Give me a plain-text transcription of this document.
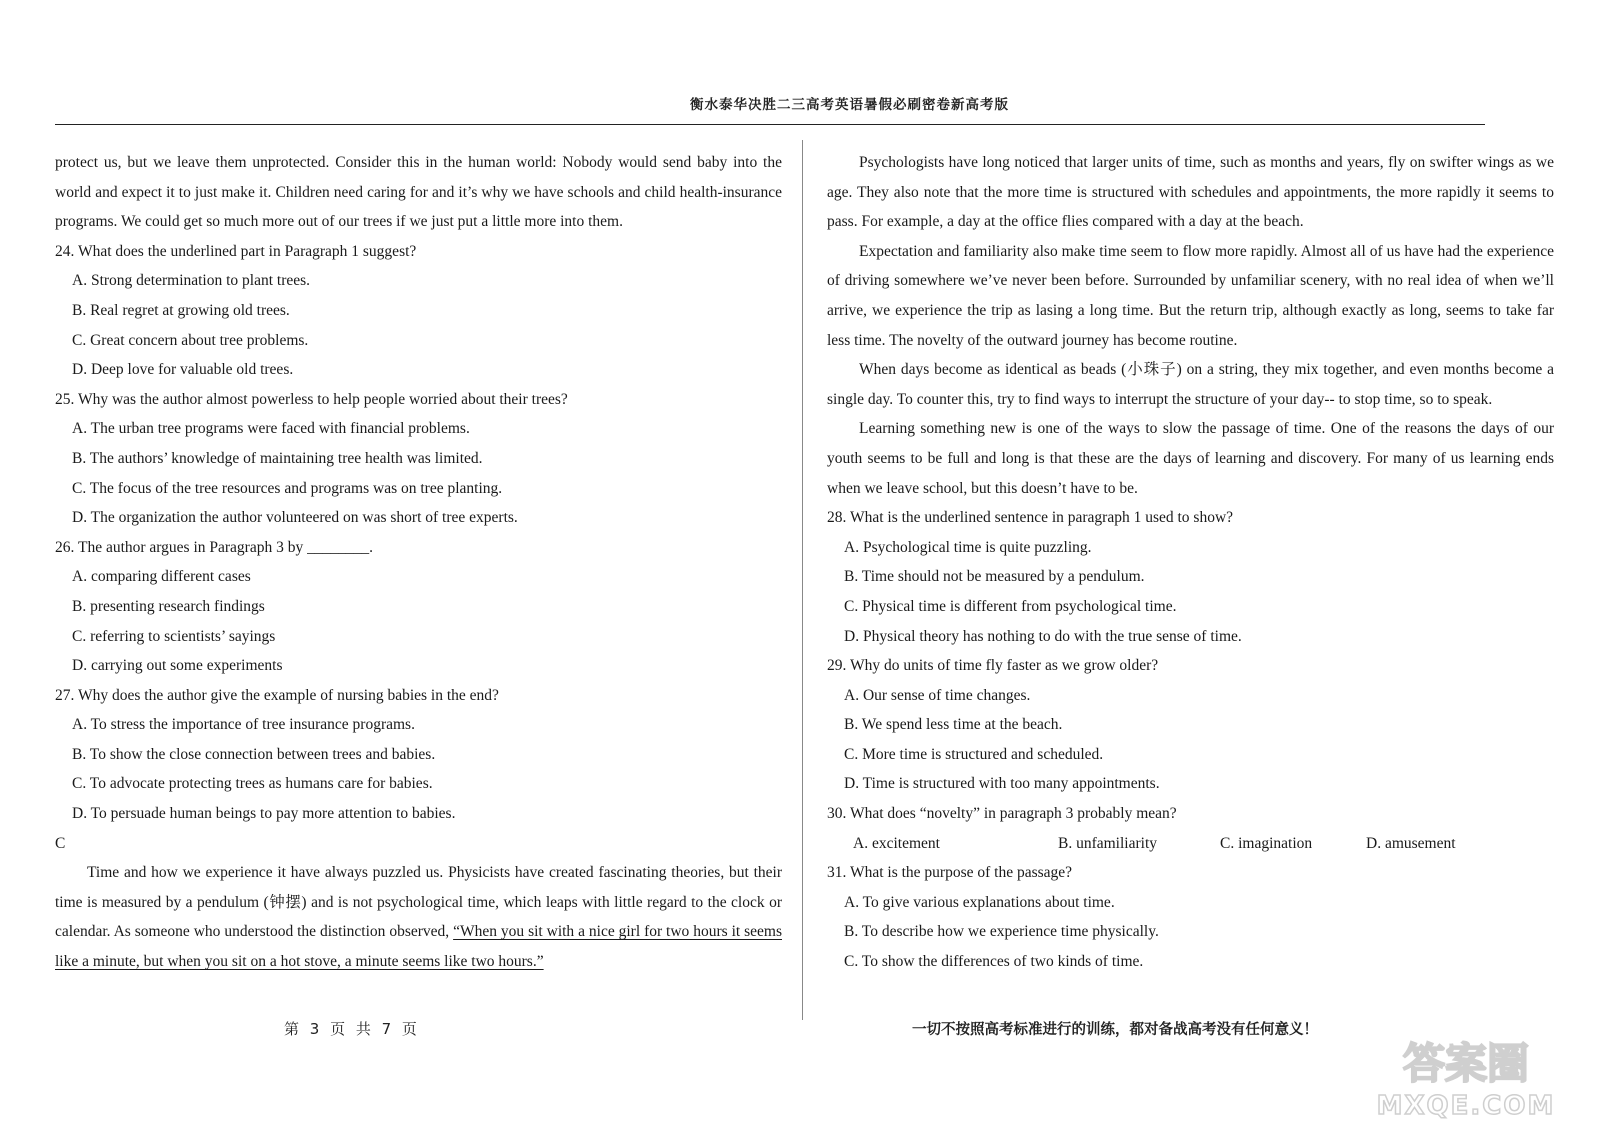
衡水泰华决胜二三高考英语暑假必刷密卷新高考版

protect us, but we leave them unprotected. Consider this in the human world: Nobody would send baby into the world and expect it to just make it. Children need caring for and it’s why we have schools and child health-insurance programs. We could get so much more out of our trees if we just put a little more into them.

24. What does the underlined part in Paragraph 1 suggest?

A. Strong determination to plant trees.

B. Real regret at growing old trees.

C. Great concern about tree problems.

D. Deep love for valuable old trees.

25. Why was the author almost powerless to help people worried about their trees?

A. The urban tree programs were faced with financial problems.

B. The authors’ knowledge of maintaining tree health was limited.

C. The focus of the tree resources and programs was on tree planting.

D. The organization the author volunteered on was short of tree experts.

26. The author argues in Paragraph 3 by ________.

A. comparing different cases

B. presenting research findings

C. referring to scientists’ sayings

D. carrying out some experiments

27. Why does the author give the example of nursing babies in the end?

A. To stress the importance of tree insurance programs.

B. To show the close connection between trees and babies.

C. To advocate protecting trees as humans care for babies.

D. To persuade human beings to pay more attention to babies.

C

Time and how we experience it have always puzzled us. Physicists have created fascinating theories, but their time is measured by a pendulum (钟摆) and is not psychological time, which leaps with little regard to the clock or calendar. As someone who understood the distinction observed, “When you sit with a nice girl for two hours it seems like a minute, but when you sit on a hot stove, a minute seems like two hours.”

Psychologists have long noticed that larger units of time, such as months and years, fly on swifter wings as we age. They also note that the more time is structured with schedules and appointments, the more rapidly it seems to pass. For example, a day at the office flies compared with a day at the beach.

Expectation and familiarity also make time seem to flow more rapidly. Almost all of us have had the experience of driving somewhere we’ve never been before. Surrounded by unfamiliar scenery, with no real idea of when we’ll arrive, we experience the trip as lasing a long time. But the return trip, although exactly as long, seems to take far less time. The novelty of the outward journey has become routine.

When days become as identical as beads (小珠子) on a string, they mix together, and even months become a single day. To counter this, try to find ways to interrupt the structure of your day-- to stop time, so to speak.

Learning something new is one of the ways to slow the passage of time. One of the reasons the days of our youth seems to be full and long is that these are the days of learning and discovery. For many of us learning ends when we leave school, but this doesn’t have to be.

28. What is the underlined sentence in paragraph 1 used to show?

A. Psychological time is quite puzzling.

B. Time should not be measured by a pendulum.

C. Physical time is different from psychological time.

D. Physical theory has nothing to do with the true sense of time.

29. Why do units of time fly faster as we grow older?

A. Our sense of time changes.

B. We spend less time at the beach.

C. More time is structured and scheduled.

D. Time is structured with too many appointments.

30. What does “novelty” in paragraph 3 probably mean?

A. excitement	B. unfamiliarity	C. imagination	D. amusement

31. What is the purpose of the passage?

A. To give various explanations about time.

B. To describe how we experience time physically.

C. To show the differences of two kinds of time.

第 3 页 共 7 页	一切不按照高考标准进行的训练，都对备战高考没有任何意义！
答案圈
MXQE.COM
